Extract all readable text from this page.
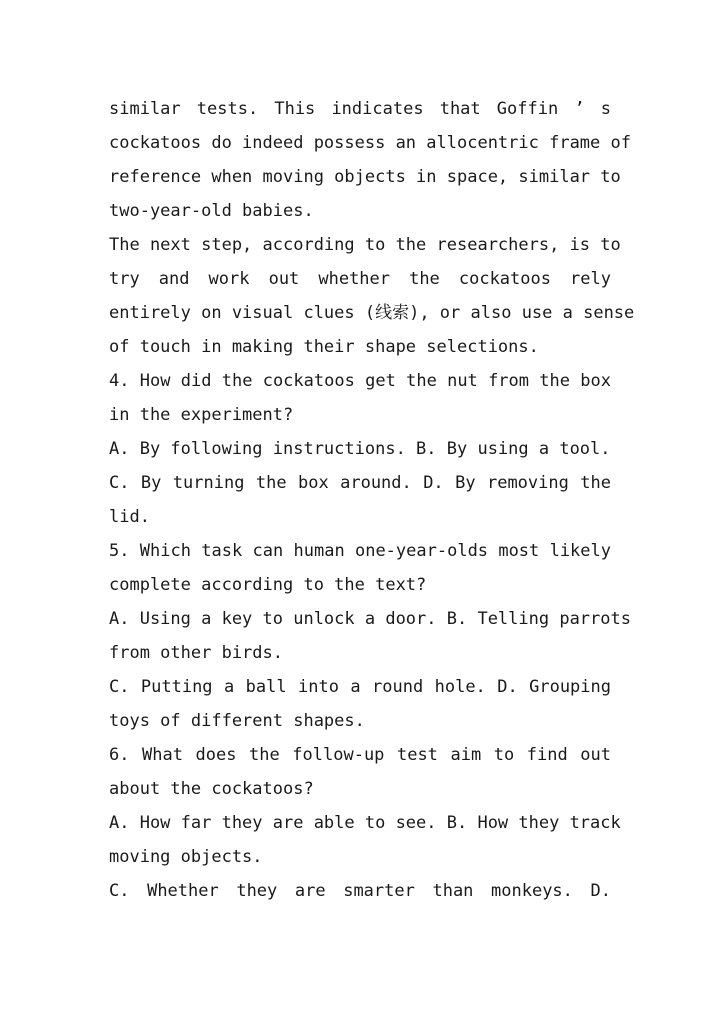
similar tests. This indicates that Goffin ’ s
cockatoos do indeed possess an allocentric frame of
reference when moving objects in space, similar to
two-year-old babies.
The next step, according to the researchers, is to
try and work out whether the cockatoos rely
entirely on visual clues (线索), or also use a sense
of touch in making their shape selections.
4. How did the cockatoos get the nut from the box
in the experiment?
A. By following instructions. B. By using a tool.
C. By turning the box around. D. By removing the
lid.
5. Which task can human one-year-olds most likely
complete according to the text?
A. Using a key to unlock a door. B. Telling parrots
from other birds.
C. Putting a ball into a round hole. D. Grouping
toys of different shapes.
6. What does the follow-up test aim to find out
about the cockatoos?
A. How far they are able to see. B. How they track
moving objects.
C. Whether they are smarter than monkeys. D.
